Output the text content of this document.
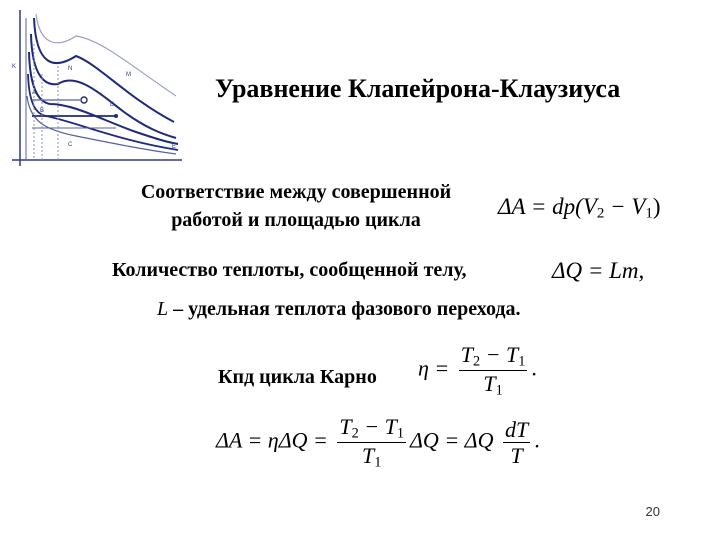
K	N
M
A
B
C
D
E
Уравнение Клапейрона-Клаузиуса
Соответствие между совершенной
работой и площадью цикла
$\Delta A = dp(V_2 - V_1)$
Количество теплоты, сообщенной телу,	ΔQ = Lm,
L – удельная теплота фазового перехода.
Кпд цикла Карно $\eta = \frac{T_2 - T_1}{T_1}$ .
$\Delta A = \eta\Delta Q = \frac{T_2 - T_1}{T_1}$ ΔQ = ΔQ $\frac{dT}{T}$ .
20
